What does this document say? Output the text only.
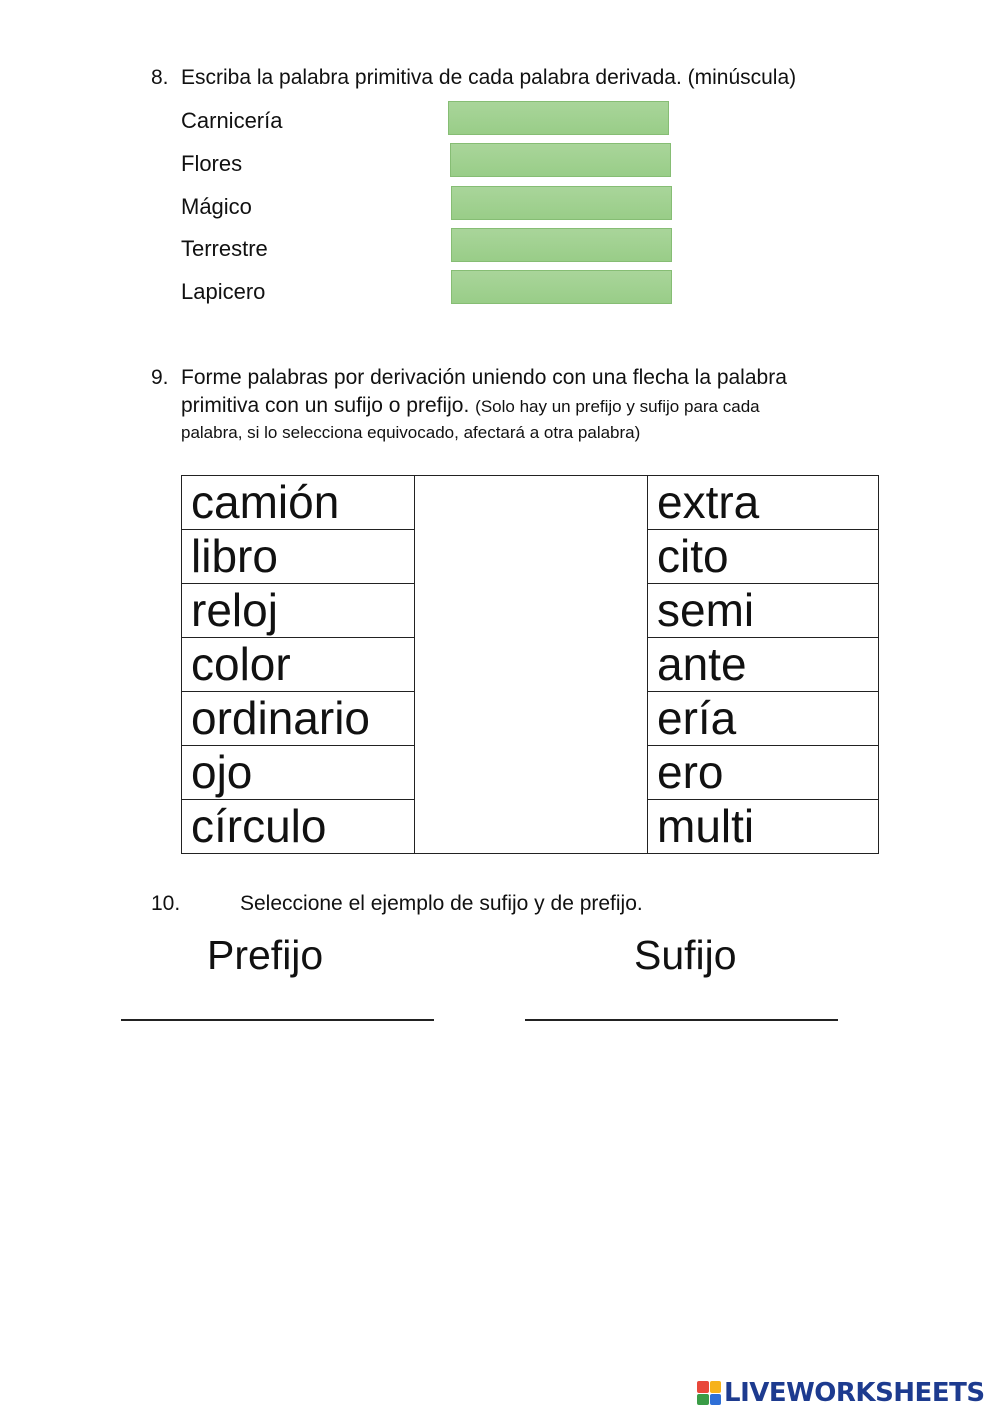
8. Escriba la palabra primitiva de cada palabra derivada. (minúscula)
Carnicería
Flores
Mágico
Terrestre
Lapicero
9. Forme palabras por derivación uniendo con una flecha la palabra
primitiva con un sufijo o prefijo. (Solo hay un prefijo y sufijo para cada
palabra, si lo selecciona equivocado, afectará a otra palabra)
camión		extra
libro		cito
reloj		semi
color		ante
ordinario		ería
ojo		ero
círculo		multi
10.	Seleccione el ejemplo de sufijo y de prefijo.
Prefijo	Sufijo
LIVEWORKSHEETS
